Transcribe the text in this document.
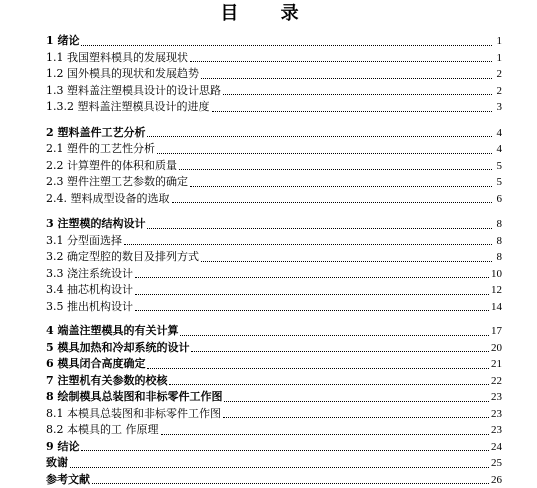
目 录
1 绪论	1
1.1 我国塑料模具的发展现状	1
1.2 国外模具的现状和发展趋势	2
1.3 塑料盖注塑模具设计的设计思路	2
1.3.2 塑料盖注塑模具设计的进度	3
2 塑料盖件工艺分析	4
2.1 塑件的工艺性分析	4
2.2 计算塑件的体积和质量	5
2.3 塑件注塑工艺参数的确定	5
2.4. 塑料成型设备的选取	6
3 注塑模的结构设计	8
3.1 分型面选择	8
3.2 确定型腔的数目及排列方式	8
3.3 浇注系统设计	10
3.4 抽芯机构设计	12
3.5 推出机构设计	14
4 端盖注塑模具的有关计算	17
5 模具加热和冷却系统的设计	20
6 模具闭合高度确定	21
7 注塑机有关参数的校核	22
8 绘制模具总装图和非标零件工作图	23
8.1 本模具总装图和非标零件工作图	23
8.2 本模具的工 作原理	23
9 结论	24
致谢	25
参考文献	26
